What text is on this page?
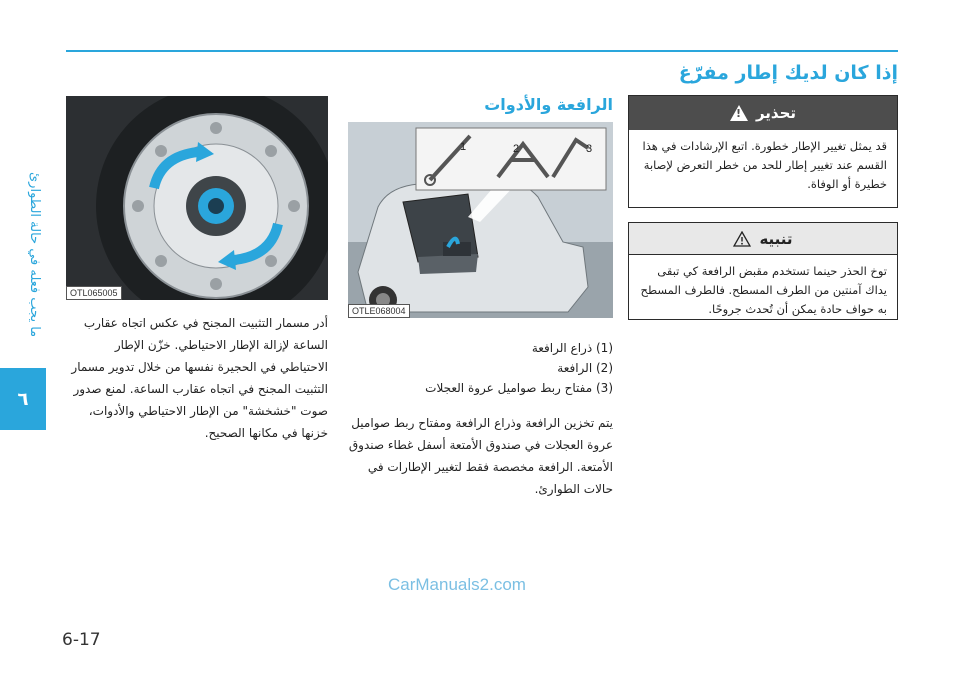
ما يجب فعله في حالة الطوارئ
٦
إذا كان لديك إطار مفرّغ
تحذير
!
قد يمثل تغيير الإطار خطورة. اتبع الإرشادات في هذا القسم عند تغيير إطار للحد من خطر التعرض لإصابة خطيرة أو الوفاة.
تنبيه
توخ الحذر حينما تستخدم مقبض الرافعة كي تبقى يداك آمنتين من الطرف المسطح. فالطرف المسطح به حواف حادة يمكن أن تُحدث جروحًا.
الرافعة والأدوات
1	2	3
OTLE068004
(1) ذراع الرافعة
(2) الرافعة
(3) مفتاح ربط صواميل عروة العجلات
يتم تخزين الرافعة وذراع الرافعة ومفتاح ربط صواميل عروة العجلات في صندوق الأمتعة أسفل غطاء صندوق الأمتعة. الرافعة مخصصة فقط لتغيير الإطارات في حالات الطوارئ.
OTL065005
أدر مسمار التثبيت المجنح في عكس اتجاه عقارب الساعة لإزالة الإطار الاحتياطي. خزّن الإطار الاحتياطي في الحجيرة نفسها من خلال تدوير مسمار التثبيت المجنح في اتجاه عقارب الساعة. لمنع صدور صوت "خشخشة" من الإطار الاحتياطي والأدوات، خزنها في مكانها الصحيح.
CarManuals2.com
6-17
